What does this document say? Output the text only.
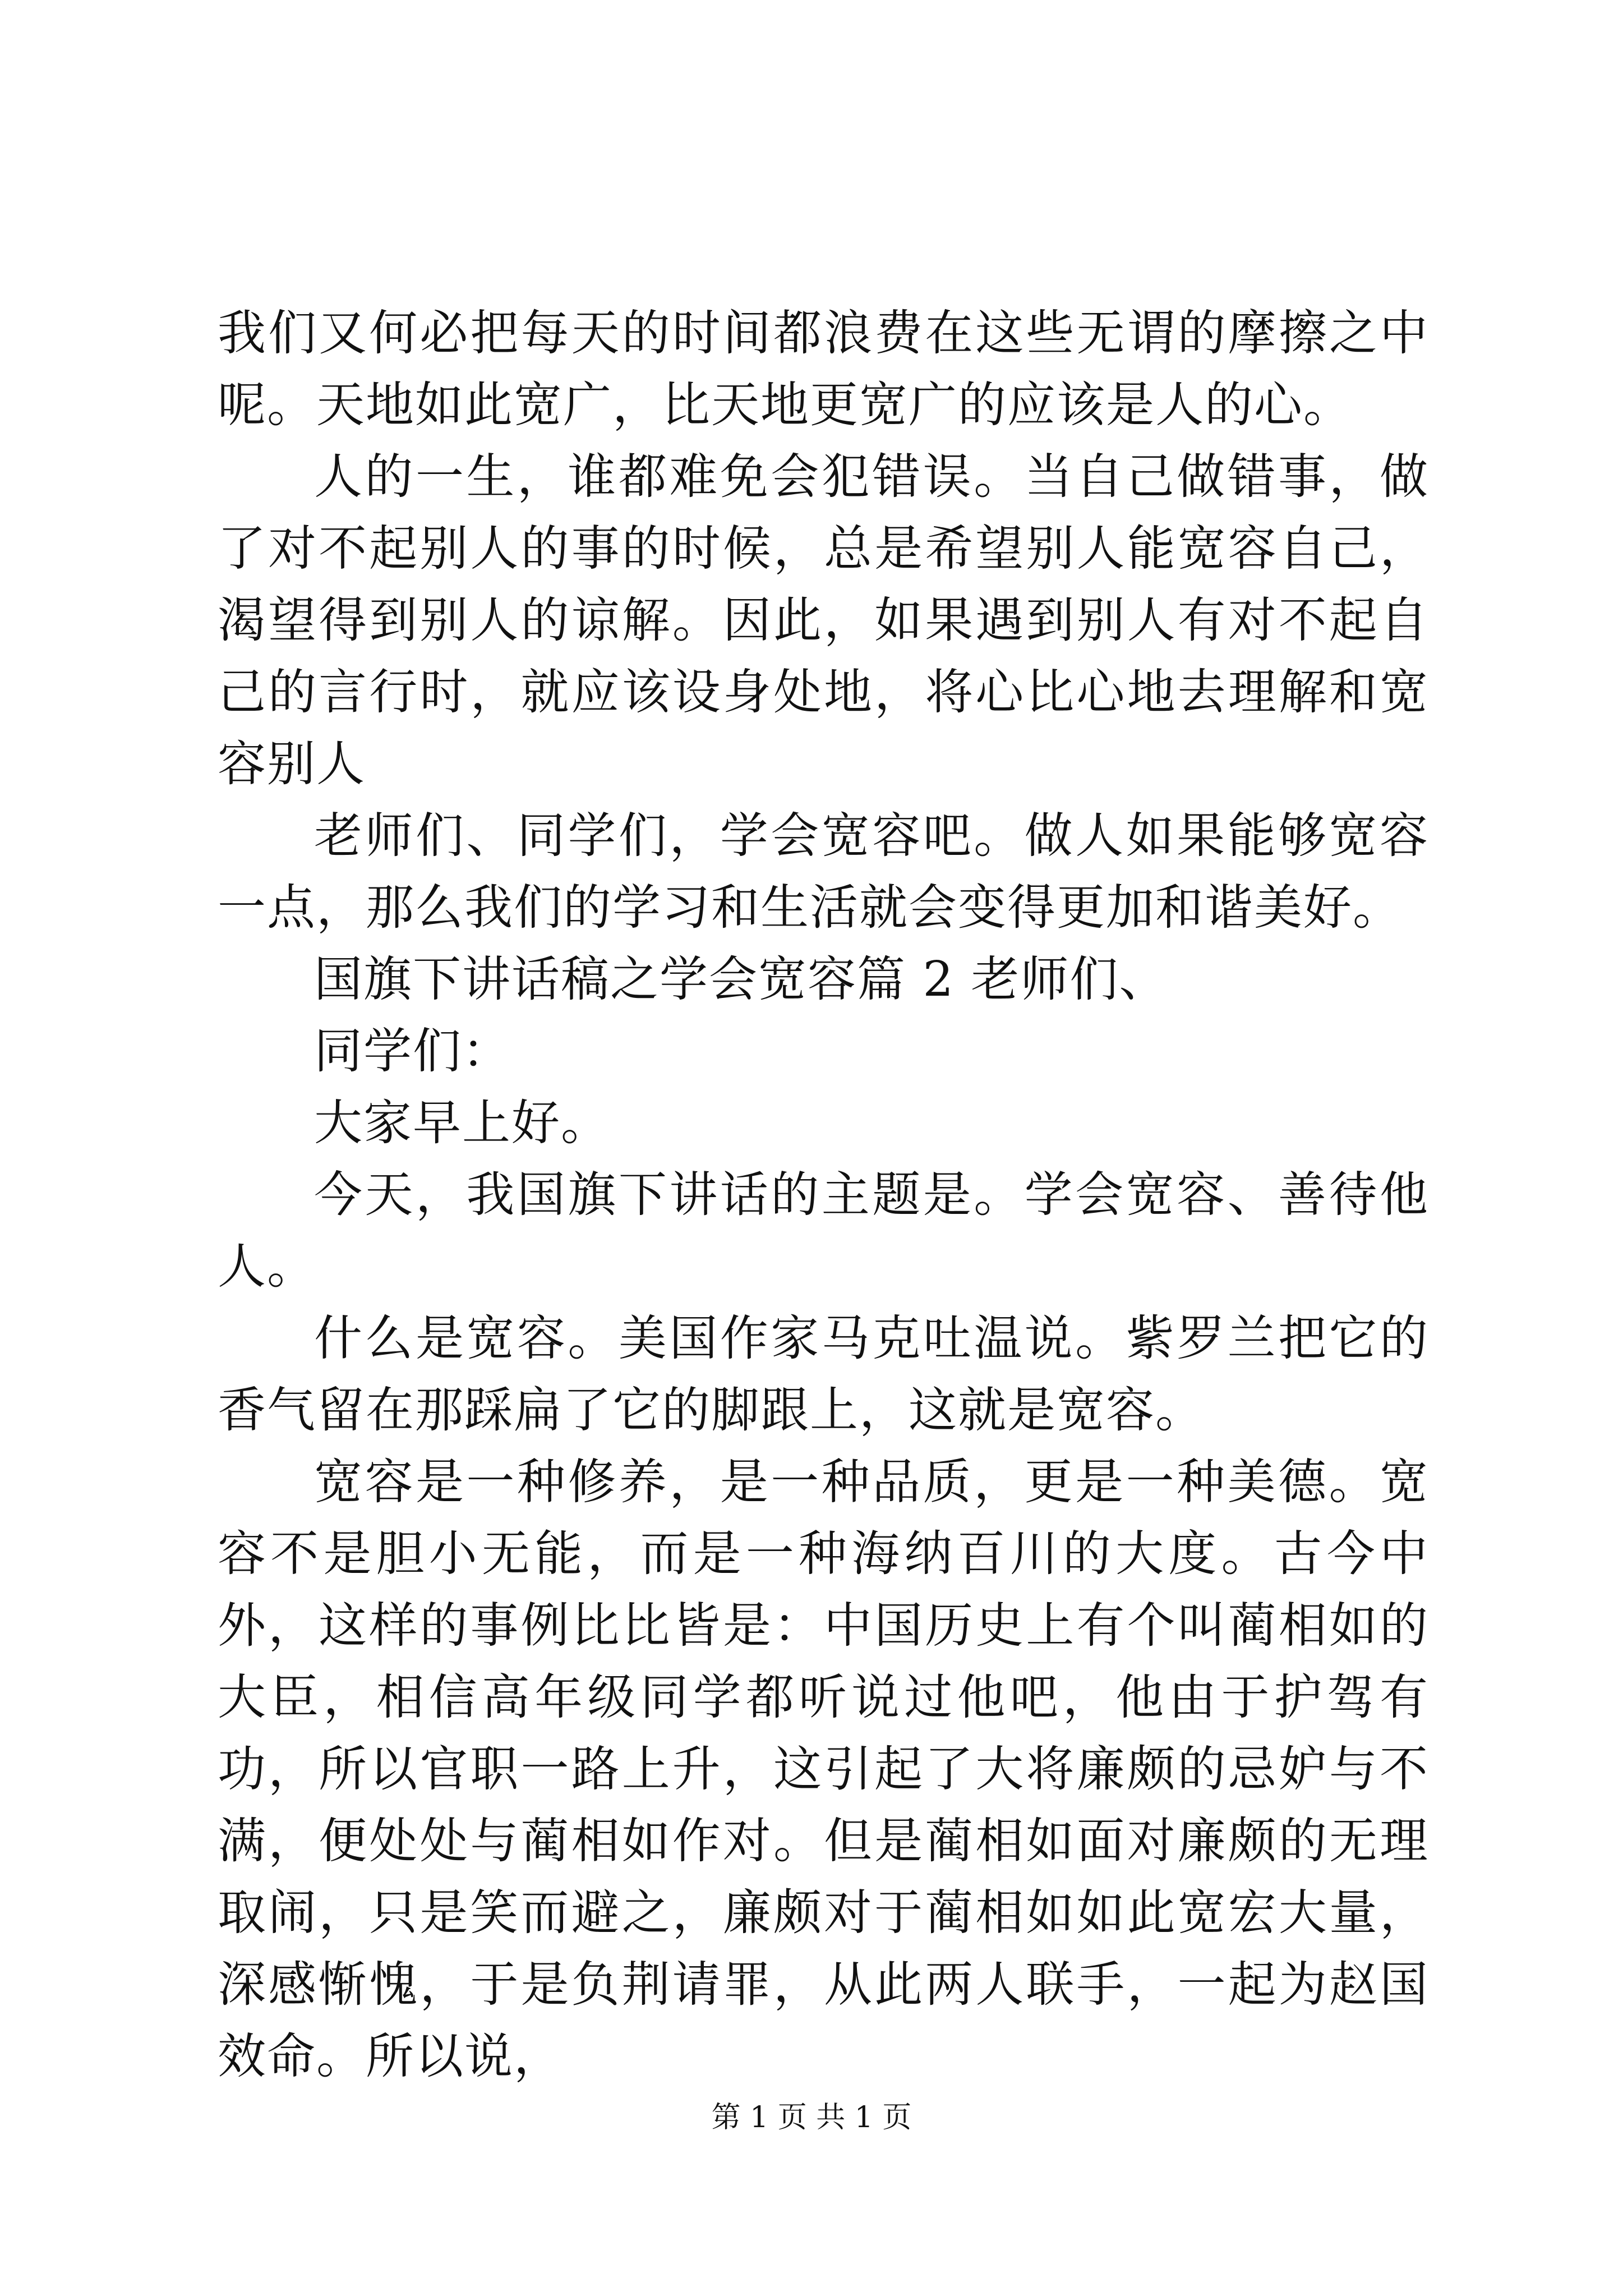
我们又何必把每天的时间都浪费在这些无谓的摩擦之中呢。天地如此宽广，比天地更宽广的应该是人的心。

人的一生，谁都难免会犯错误。当自己做错事，做了对不起别人的事的时候，总是希望别人能宽容自己，渴望得到别人的谅解。因此，如果遇到别人有对不起自己的言行时，就应该设身处地，将心比心地去理解和宽容别人

老师们、同学们，学会宽容吧。做人如果能够宽容一点，那么我们的学习和生活就会变得更加和谐美好。

国旗下讲话稿之学会宽容篇 2 老师们、

同学们：

大家早上好。

今天，我国旗下讲话的主题是。学会宽容、善待他人。

什么是宽容。美国作家马克吐温说。紫罗兰把它的香气留在那踩扁了它的脚跟上，这就是宽容。

宽容是一种修养，是一种品质，更是一种美德。宽容不是胆小无能，而是一种海纳百川的大度。古今中外，这样的事例比比皆是：中国历史上有个叫蔺相如的大臣，相信高年级同学都听说过他吧，他由于护驾有功，所以官职一路上升，这引起了大将廉颇的忌妒与不满，便处处与蔺相如作对。但是蔺相如面对廉颇的无理取闹，只是笑而避之，廉颇对于蔺相如如此宽宏大量，深感惭愧，于是负荆请罪，从此两人联手，一起为赵国效命。所以说，

第 1 页 共 1 页
